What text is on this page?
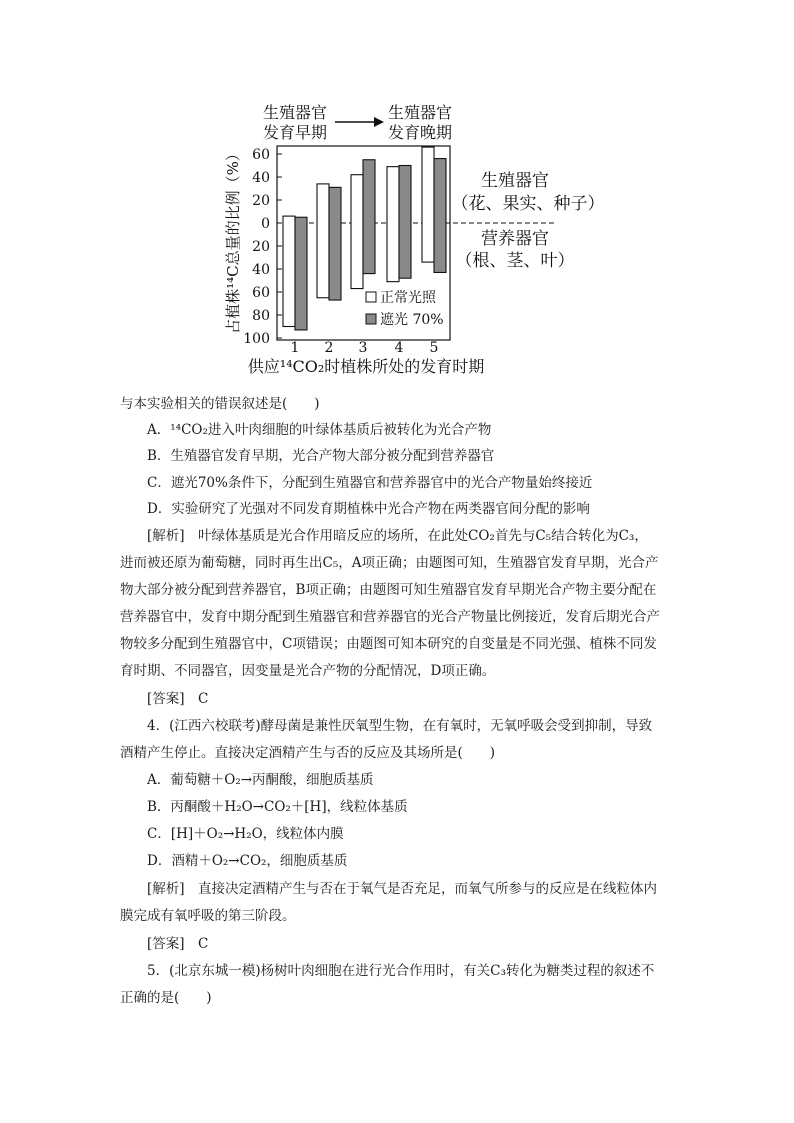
生殖器官
发育早期
生殖器官
发育晚期
占植株¹⁴C总量的比例（%） 60
40
20
0
20
40
60
80
100
1 2 3 4 5
正常光照
遮光 70%
生殖器官
（花、果实、种子）
营养器官
（根、茎、叶）
供应¹⁴CO₂时植株所处的发育时期
与本实验相关的错误叙述是(　　)
A．¹⁴CO₂进入叶肉细胞的叶绿体基质后被转化为光合产物
B．生殖器官发育早期，光合产物大部分被分配到营养器官
C．遮光70%条件下，分配到生殖器官和营养器官中的光合产物量始终接近
D．实验研究了光强对不同发育期植株中光合产物在两类器官间分配的影响
[解析]　叶绿体基质是光合作用暗反应的场所，在此处CO₂首先与C₅结合转化为C₃，
进而被还原为葡萄糖，同时再生出C₅，A项正确；由题图可知，生殖器官发育早期，光合产
物大部分被分配到营养器官，B项正确；由题图可知生殖器官发育早期光合产物主要分配在
营养器官中，发育中期分配到生殖器官和营养器官的光合产物量比例接近，发育后期光合产
物较多分配到生殖器官中，C项错误；由题图可知本研究的自变量是不同光强、植株不同发
育时期、不同器官，因变量是光合产物的分配情况，D项正确。
[答案]　C
4．(江西六校联考)酵母菌是兼性厌氧型生物，在有氧时，无氧呼吸会受到抑制，导致
酒精产生停止。直接决定酒精产生与否的反应及其场所是(　　)
A．葡萄糖＋O₂→丙酮酸，细胞质基质
B．丙酮酸＋H₂O→CO₂＋[H]，线粒体基质
C．[H]＋O₂→H₂O，线粒体内膜
D．酒精＋O₂→CO₂，细胞质基质
[解析]　直接决定酒精产生与否在于氧气是否充足，而氧气所参与的反应是在线粒体内
膜完成有氧呼吸的第三阶段。
[答案]　C
5．(北京东城一模)杨树叶肉细胞在进行光合作用时，有关C₃转化为糖类过程的叙述不
正确的是(　　)
